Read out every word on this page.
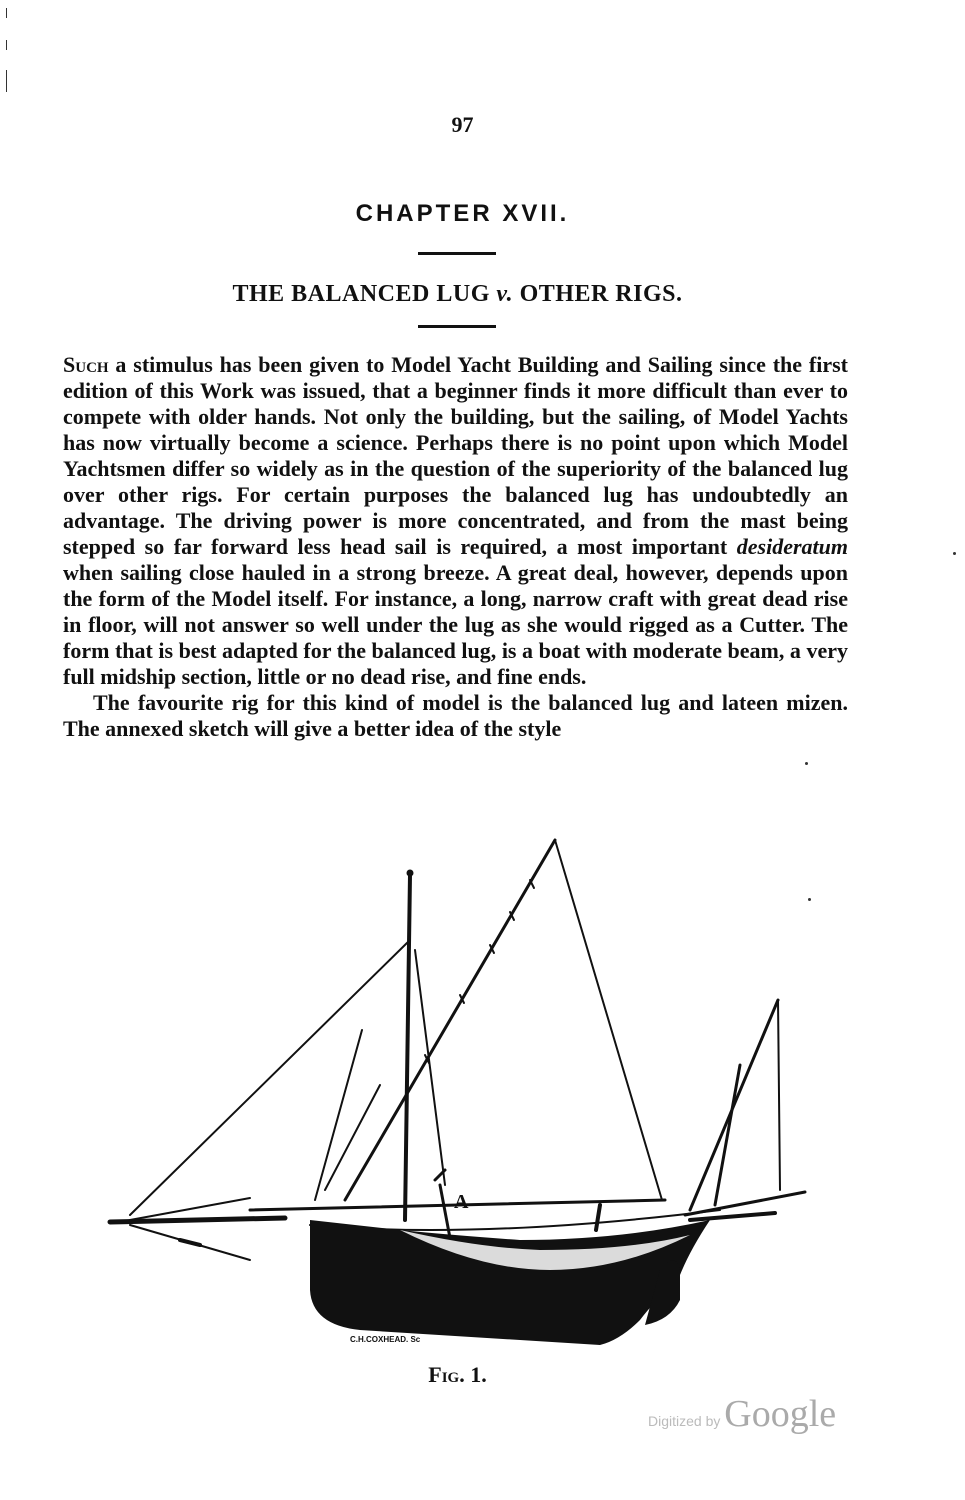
97
CHAPTER XVII.
THE BALANCED LUG v. OTHER RIGS.

Such a stimulus has been given to Model Yacht Building and Sailing since the first edition of this Work was issued, that a beginner finds it more difficult than ever to compete with older hands. Not only the building, but the sailing, of Model Yachts has now virtually become a science. Perhaps there is no point upon which Model Yachtsmen differ so widely as in the question of the superiority of the balanced lug over other rigs. For certain purposes the balanced lug has undoubtedly an advantage. The driving power is more concentrated, and from the mast being stepped so far forward less head sail is required, a most important desideratum when sailing close hauled in a strong breeze. A great deal, however, depends upon the form of the Model itself. For instance, a long, narrow craft with great dead rise in floor, will not answer so well under the lug as she would rigged as a Cutter. The form that is best adapted for the balanced lug, is a boat with moderate beam, a very full midship section, little or no dead rise, and fine ends.

The favourite rig for this kind of model is the balanced lug and lateen mizen. The annexed sketch will give a better idea of the style

C.H.COXHEAD. Sc
A
Fig. 1.
Digitized by Google
